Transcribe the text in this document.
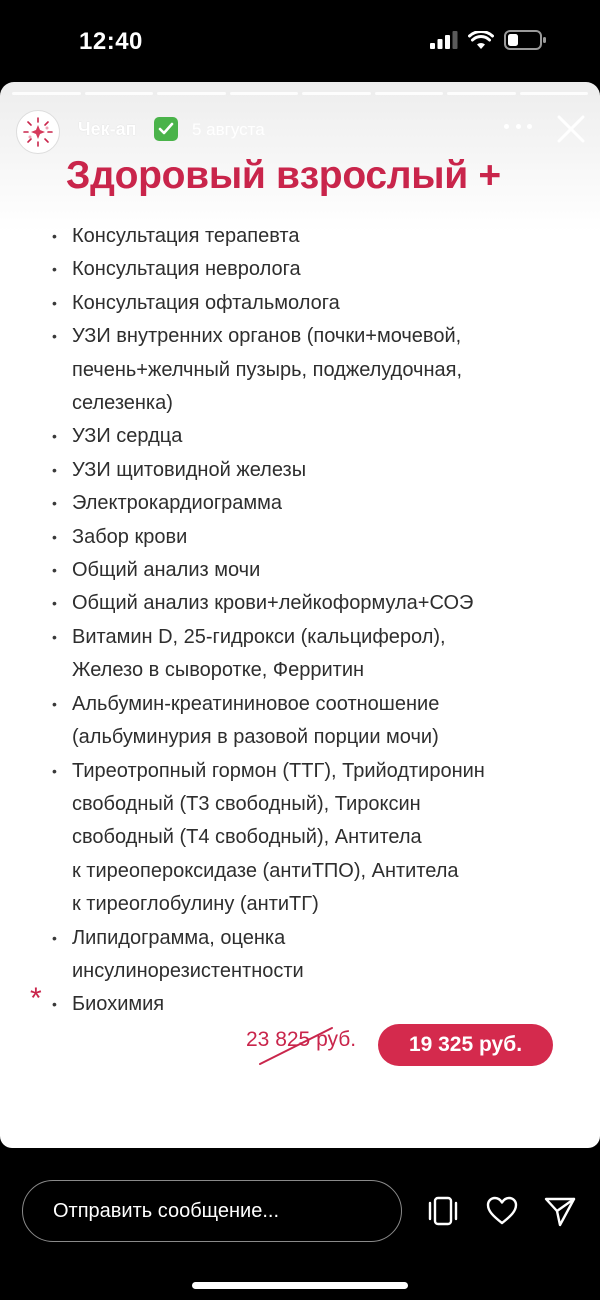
12:40
Чек-ап	5 августа
Здоровый взрослый +
• Консультация терапевта
• Консультация невролога
• Консультация офтальмолога
• УЗИ внутренних органов (почки+мочевой,
печень+желчный пузырь, поджелудочная,
селезенка)
• УЗИ сердца
• УЗИ щитовидной железы
• Электрокардиограмма
• Забор крови
• Общий анализ мочи
• Общий анализ крови+лейкоформула+СОЭ
• Витамин D, 25-гидрокси (кальциферол),
Железо в сыворотке, Ферритин
• Альбумин-креатининовое соотношение
(альбуминурия в разовой порции мочи)
• Тиреотропный гормон (ТТГ), Трийодтиронин
свободный (Т3 свободный), Тироксин
свободный (Т4 свободный), Антитела
к тиреопероксидазе (антиТПО), Антитела
к тиреоглобулину (антиТГ)
• Липидограмма, оценка
инсулинорезистентности
• Биохимия
*
23 825 руб.	19 325 руб.
Отправить сообщение...
